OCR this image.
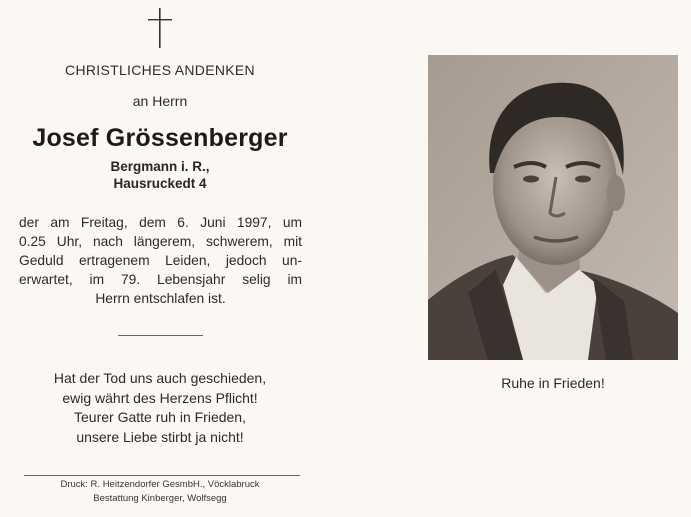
CHRISTLICHES ANDENKEN
an Herrn
Josef Grössenberger
Bergmann i. R.,
Hausruckedt 4
der am Freitag, dem 6. Juni 1997, um
0.25 Uhr, nach längerem, schwerem, mit
Geduld ertragenem Leiden, jedoch un-
erwartet, im 79. Lebensjahr selig im
Herrn entschlafen ist.
Hat der Tod uns auch geschieden,
ewig währt des Herzens Pflicht!
Teurer Gatte ruh in Frieden,
unsere Liebe stirbt ja nicht!
Druck: R. Heitzendorfer GesmbH., Vöcklabruck
Bestattung Kinberger, Wolfsegg
Ruhe in Frieden!
